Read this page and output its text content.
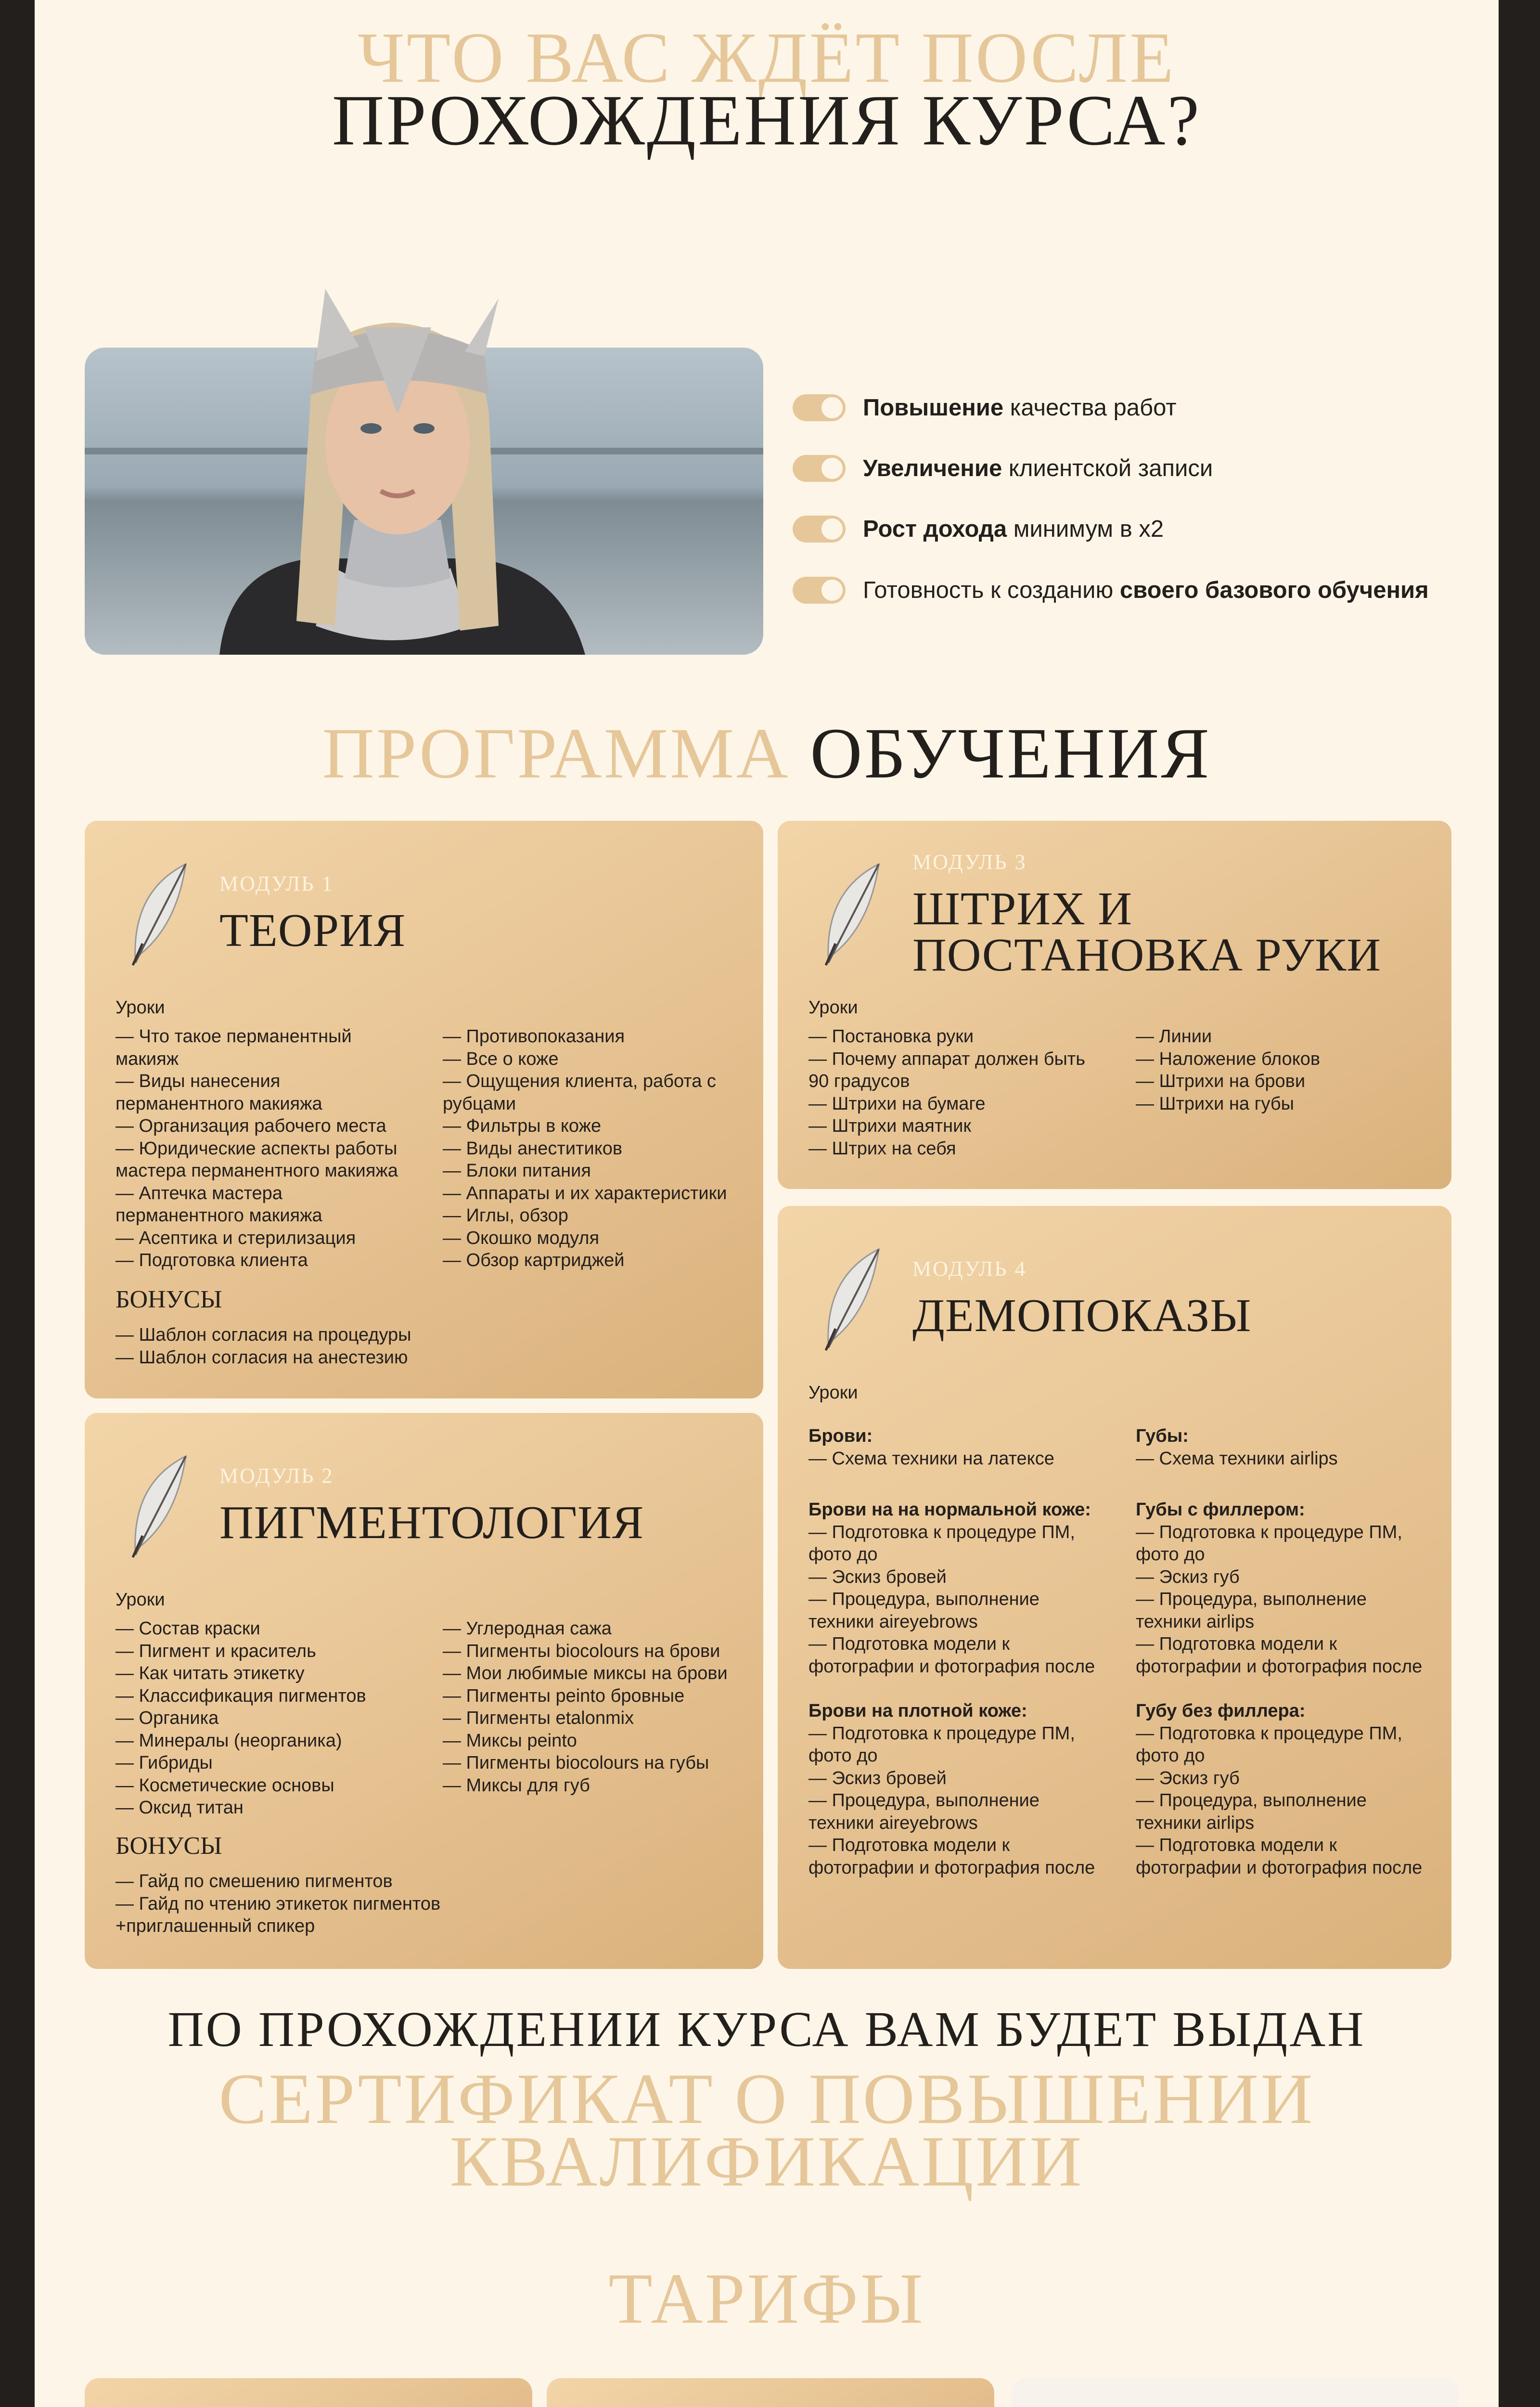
ЧТО ВАС ЖДЁТ ПОСЛЕ
ПРОХОЖДЕНИЯ КУРСА?
Повышение качества работ
Увеличение клиентской записи
Рост дохода минимум в х2
Готовность к созданию своего базового обучения
ПРОГРАММА ОБУЧЕНИЯ
МОДУЛЬ 1
ТЕОРИЯ
Уроки
— Что такое перманентный
макияж
— Виды нанесения
перманентного макияжа
— Организация рабочего места
— Юридические аспекты работы
мастера перманентного макияжа
— Аптечка мастера
перманентного макияжа
— Асептика и стерилизация
— Подготовка клиента
— Противопоказания
— Все о коже
— Ощущения клиента, работа с
рубцами
— Фильтры в коже
— Виды анеститиков
— Блоки питания
— Аппараты и их характеристики
— Иглы, обзор
— Окошко модуля
— Обзор картриджей
БОНУСЫ
— Шаблон согласия на процедуры
— Шаблон согласия на анестезию
МОДУЛЬ 2
ПИГМЕНТОЛОГИЯ
Уроки
— Состав краски
— Пигмент и краситель
— Как читать этикетку
— Классификация пигментов
— Органика
— Минералы (неорганика)
— Гибриды
— Косметические основы
— Оксид титан
— Углеродная сажа
— Пигменты biocolours на брови
— Мои любимые миксы на брови
— Пигменты peinto бровные
— Пигменты etalonmix
— Миксы peinto
— Пигменты biocolours на губы
— Миксы для губ
БОНУСЫ
— Гайд по смешению пигментов
— Гайд по чтению этикеток пигментов
+приглашенный спикер
МОДУЛЬ 3
ШТРИХ И
ПОСТАНОВКА РУКИ
Уроки
— Постановка руки
— Почему аппарат должен быть
90 градусов
— Штрихи на бумаге
— Штрихи маятник
— Штрих на себя
— Линии
— Наложение блоков
— Штрихи на брови
— Штрихи на губы
МОДУЛЬ 4
ДЕМОПОКАЗЫ
Уроки
Брови:
— Схема техники на латексе
Брови на на нормальной коже:
— Подготовка к процедуре ПМ,
фото до
— Эскиз бровей
— Процедура, выполнение
техники aireyebrows
— Подготовка модели к
фотографии и фотография после
Брови на плотной коже:
— Подготовка к процедуре ПМ,
фото до
— Эскиз бровей
— Процедура, выполнение
техники aireyebrows
— Подготовка модели к
фотографии и фотография после
Губы:
— Схема техники airlips
Губы с филлером:
— Подготовка к процедуре ПМ,
фото до
— Эскиз губ
— Процедура, выполнение
техники airlips
— Подготовка модели к
фотографии и фотография после
Губу без филлера:
— Подготовка к процедуре ПМ,
фото до
— Эскиз губ
— Процедура, выполнение
техники airlips
— Подготовка модели к
фотографии и фотография после
ПО ПРОХОЖДЕНИИ КУРСА ВАМ БУДЕТ ВЫДАН
СЕРТИФИКАТ О ПОВЫШЕНИИ
КВАЛИФИКАЦИИ
ТАРИФЫ
